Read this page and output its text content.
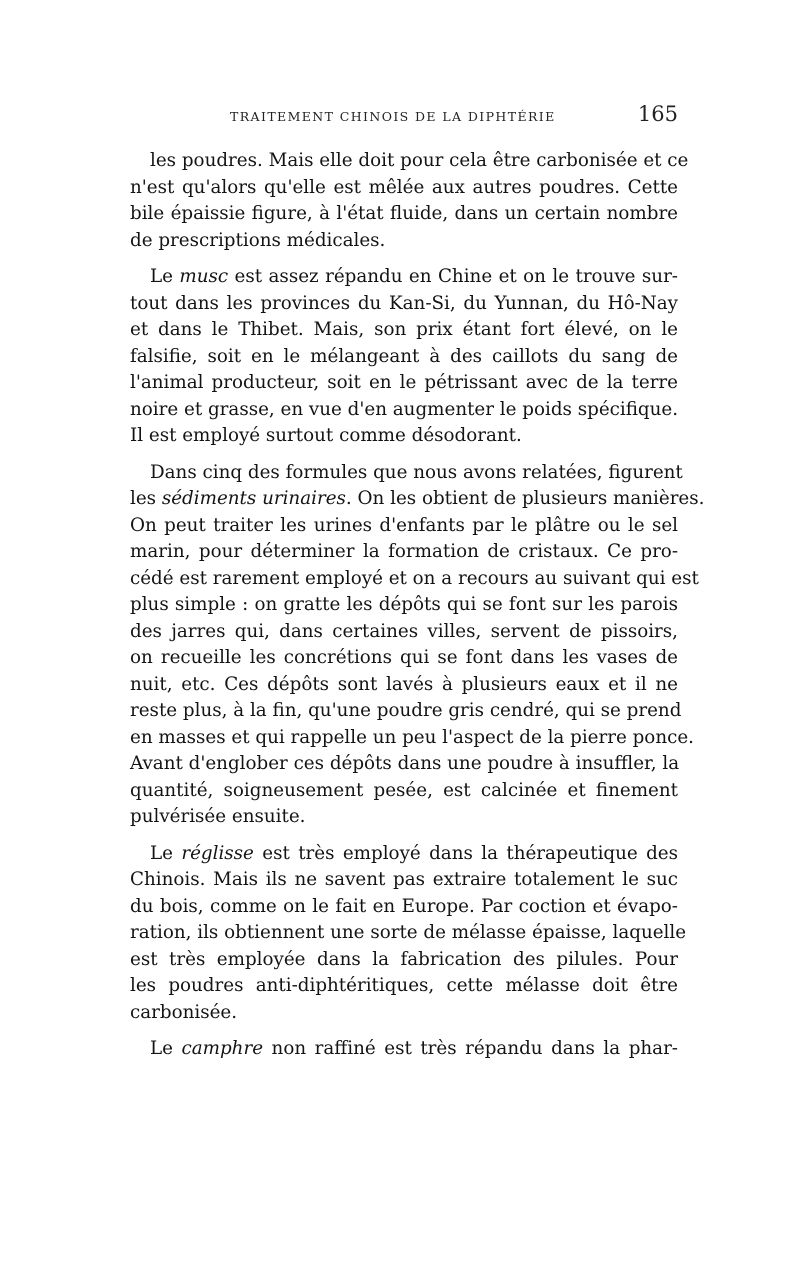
TRAITEMENT CHINOIS DE LA DIPHTÉRIE	165

les poudres. Mais elle doit pour cela être carbonisée et ce
n'est qu'alors qu'elle est mêlée aux autres poudres. Cette
bile épaissie figure, à l'état fluide, dans un certain nombre
de prescriptions médicales.

Le musc est assez répandu en Chine et on le trouve sur-
tout dans les provinces du Kan-Si, du Yunnan, du Hô-Nay
et dans le Thibet. Mais, son prix étant fort élevé, on le
falsifie, soit en le mélangeant à des caillots du sang de
l'animal producteur, soit en le pétrissant avec de la terre
noire et grasse, en vue d'en augmenter le poids spécifique.
Il est employé surtout comme désodorant.

Dans cinq des formules que nous avons relatées, figurent
les sédiments urinaires. On les obtient de plusieurs manières.
On peut traiter les urines d'enfants par le plâtre ou le sel
marin, pour déterminer la formation de cristaux. Ce pro-
cédé est rarement employé et on a recours au suivant qui est
plus simple : on gratte les dépôts qui se font sur les parois
des jarres qui, dans certaines villes, servent de pissoirs,
on recueille les concrétions qui se font dans les vases de
nuit, etc. Ces dépôts sont lavés à plusieurs eaux et il ne
reste plus, à la fin, qu'une poudre gris cendré, qui se prend
en masses et qui rappelle un peu l'aspect de la pierre ponce.
Avant d'englober ces dépôts dans une poudre à insuffler, la
quantité, soigneusement pesée, est calcinée et finement
pulvérisée ensuite.

Le réglisse est très employé dans la thérapeutique des
Chinois. Mais ils ne savent pas extraire totalement le suc
du bois, comme on le fait en Europe. Par coction et évapo-
ration, ils obtiennent une sorte de mélasse épaisse, laquelle
est très employée dans la fabrication des pilules. Pour
les poudres anti-diphtéritiques, cette mélasse doit être
carbonisée.

Le camphre non raffiné est très répandu dans la phar-
